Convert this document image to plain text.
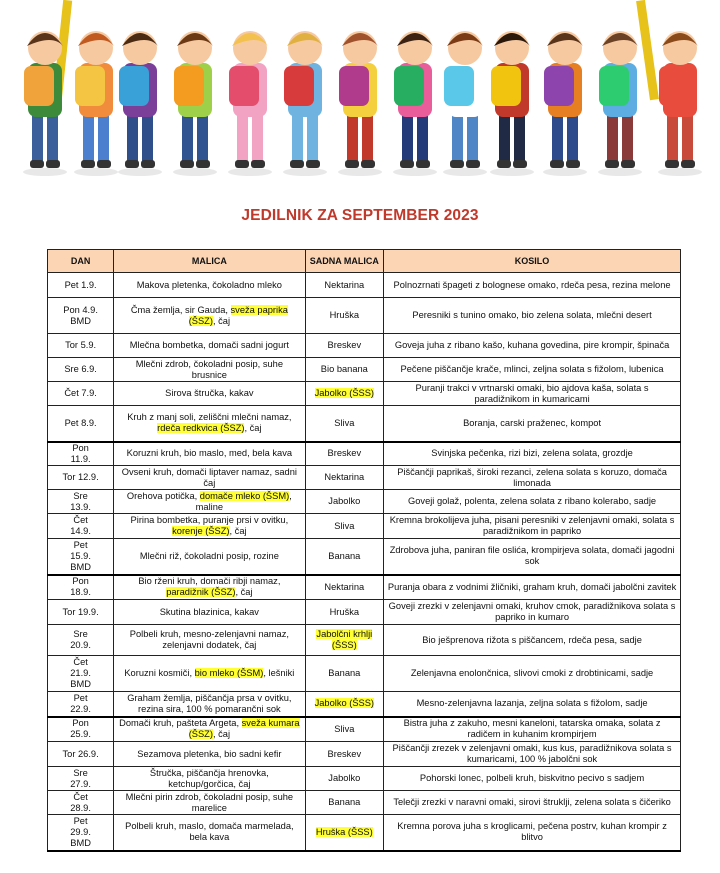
JEDILNIK ZA SEPTEMBER 2023
DAN	MALICA	SADNA MALICA	KOSILO
Pet 1.9.	Makova pletenka, čokoladno mleko	Nektarina	Polnozrnati špageti z bolognese omako, rdeča pesa, rezina melone
Pon 4.9. BMD	Čma žemlja, sir Gauda, sveža paprika (ŠSZ), čaj	Hruška	Peresniki s tunino omako, bio zelena solata, mlečni desert
Tor 5.9.	Mlečna bombetka, domači sadni jogurt	Breskev	Goveja juha z ribano kašo, kuhana govedina, pire krompir, špinača
Sre 6.9.	Mlečni zdrob, čokoladni posip, suhe brusnice	Bio banana	Pečene piščančje krače, mlinci, zeljna solata s fižolom, lubenica
Čet 7.9.	Sirova štručka, kakav	Jabolko (ŠSS)	Puranji trakci v vrtnarski omaki, bio ajdova kaša, solata s paradižnikom in kumaricami
Pet 8.9.	Kruh z manj soli, zeliščni mlečni namaz, rdeča redkvica (ŠSZ), čaj	Sliva	Boranja, carski praženec, kompot
Pon 11.9.	Koruzni kruh, bio maslo, med, bela kava	Breskev	Svinjska pečenka, rizi bizi, zelena solata, grozdje
Tor 12.9.	Ovseni kruh, domači liptaver namaz, sadni čaj	Nektarina	Piščančji paprikaš, široki rezanci, zelena solata s koruzo, domača limonada
Sre 13.9.	Orehova potička, domače mleko (ŠSM), maline	Jabolko	Goveji golaž, polenta, zelena solata z ribano kolerabo, sadje
Čet 14.9.	Pirina bombetka, puranje prsi v ovitku, korenje (ŠSZ), čaj	Sliva	Kremna brokolijeva juha, pisani peresniki v zelenjavni omaki, solata s paradižnikom in papriko
Pet 15.9. BMD	Mlečni riž, čokoladni posip, rozine	Banana	Zdrobova juha, paniran file oslića, krompirjeva solata, domači jagodni sok
Pon 18.9.	Bio rženi kruh, domači ribji namaz, paradižnik (ŠSZ), čaj	Nektarina	Puranja obara z vodnimi žličniki, graham kruh, domači jabolčni zavitek
Tor 19.9.	Skutina blazinica, kakav	Hruška	Goveji zrezki v zelenjavni omaki, kruhov cmok, paradižnikova solata s papriko in kumaro
Sre 20.9.	Polbeli kruh, mesno-zelenjavni namaz, zelenjavni dodatek, čaj	Jabolčni krhlji (ŠSS)	Bio ješprenova rižota s piščancem, rdeča pesa, sadje
Čet 21.9. BMD	Koruzni kosmiči, bio mleko (ŠSM), lešniki	Banana	Zelenjavna enolončnica, slivovi cmoki z drobtinicami, sadje
Pet 22.9.	Graham žemlja, piščančja prsa v ovitku, rezina sira, 100 % pomarančni sok	Jabolko (ŠSS)	Mesno-zelenjavna lazanja, zeljna solata s fižolom, sadje
Pon 25.9.	Domači kruh, pašteta Argeta, sveža kumara (ŠSZ), čaj	Sliva	Bistra juha z zakuho, mesni kaneloni, tatarska omaka, solata z radičem in kuhanim krompirjem
Tor 26.9.	Sezamova pletenka, bio sadni kefir	Breskev	Piščančji zrezek v zelenjavni omaki, kus kus, paradižnikova solata s kumaricami, 100 % jabolčni sok
Sre 27.9.	Štručka, piščančja hrenovka, ketchup/gorčica, čaj	Jabolko	Pohorski lonec, polbeli kruh, biskvitno pecivo s sadjem
Čet 28.9.	Mlečni pirin zdrob, čokoladni posip, suhe marelice	Banana	Telečji zrezki v naravni omaki, sirovi štruklji, zelena solata s čičeriko
Pet 29.9. BMD	Polbeli kruh, maslo, domača marmelada, bela kava	Hruška (ŠSS)	Kremna porova juha s kroglicami, pečena postrv, kuhan krompir z blitvo
